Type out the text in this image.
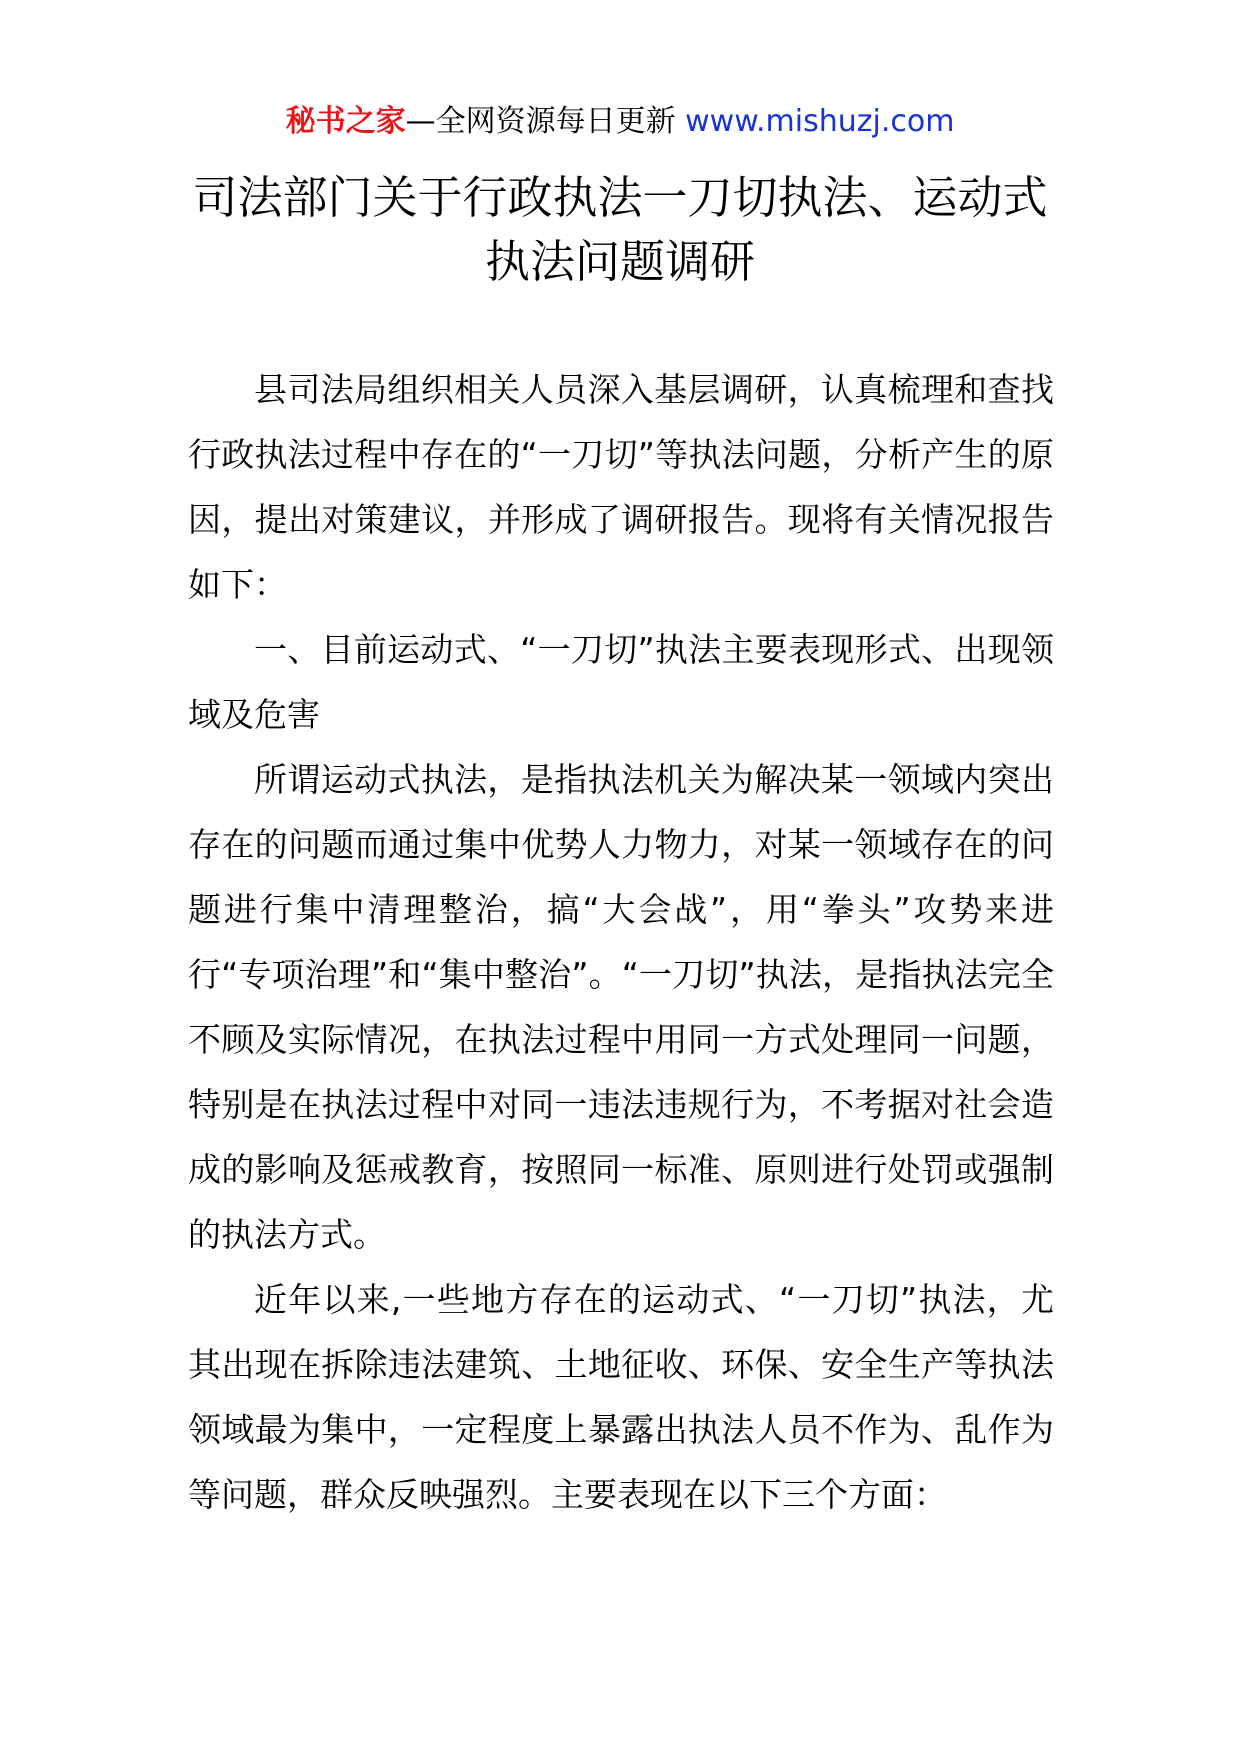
秘书之家—全网资源每日更新 www.mishuzj.com
司法部门关于行政执法一刀切执法、运动式执法问题调研

县司法局组织相关人员深入基层调研，认真梳理和查找行政执法过程中存在的“一刀切”等执法问题，分析产生的原因，提出对策建议，并形成了调研报告。现将有关情况报告如下：

一、目前运动式、“一刀切”执法主要表现形式、出现领域及危害

所谓运动式执法，是指执法机关为解决某一领域内突出存在的问题而通过集中优势人力物力，对某一领域存在的问题进行集中清理整治，搞“大会战”，用“拳头”攻势来进行“专项治理”和“集中整治”。“一刀切”执法，是指执法完全不顾及实际情况，在执法过程中用同一方式处理同一问题，特别是在执法过程中对同一违法违规行为，不考据对社会造成的影响及惩戒教育，按照同一标准、原则进行处罚或强制的执法方式。

近年以来,一些地方存在的运动式、“一刀切”执法，尤其出现在拆除违法建筑、土地征收、环保、安全生产等执法领域最为集中，一定程度上暴露出执法人员不作为、乱作为等问题，群众反映强烈。主要表现在以下三个方面：
